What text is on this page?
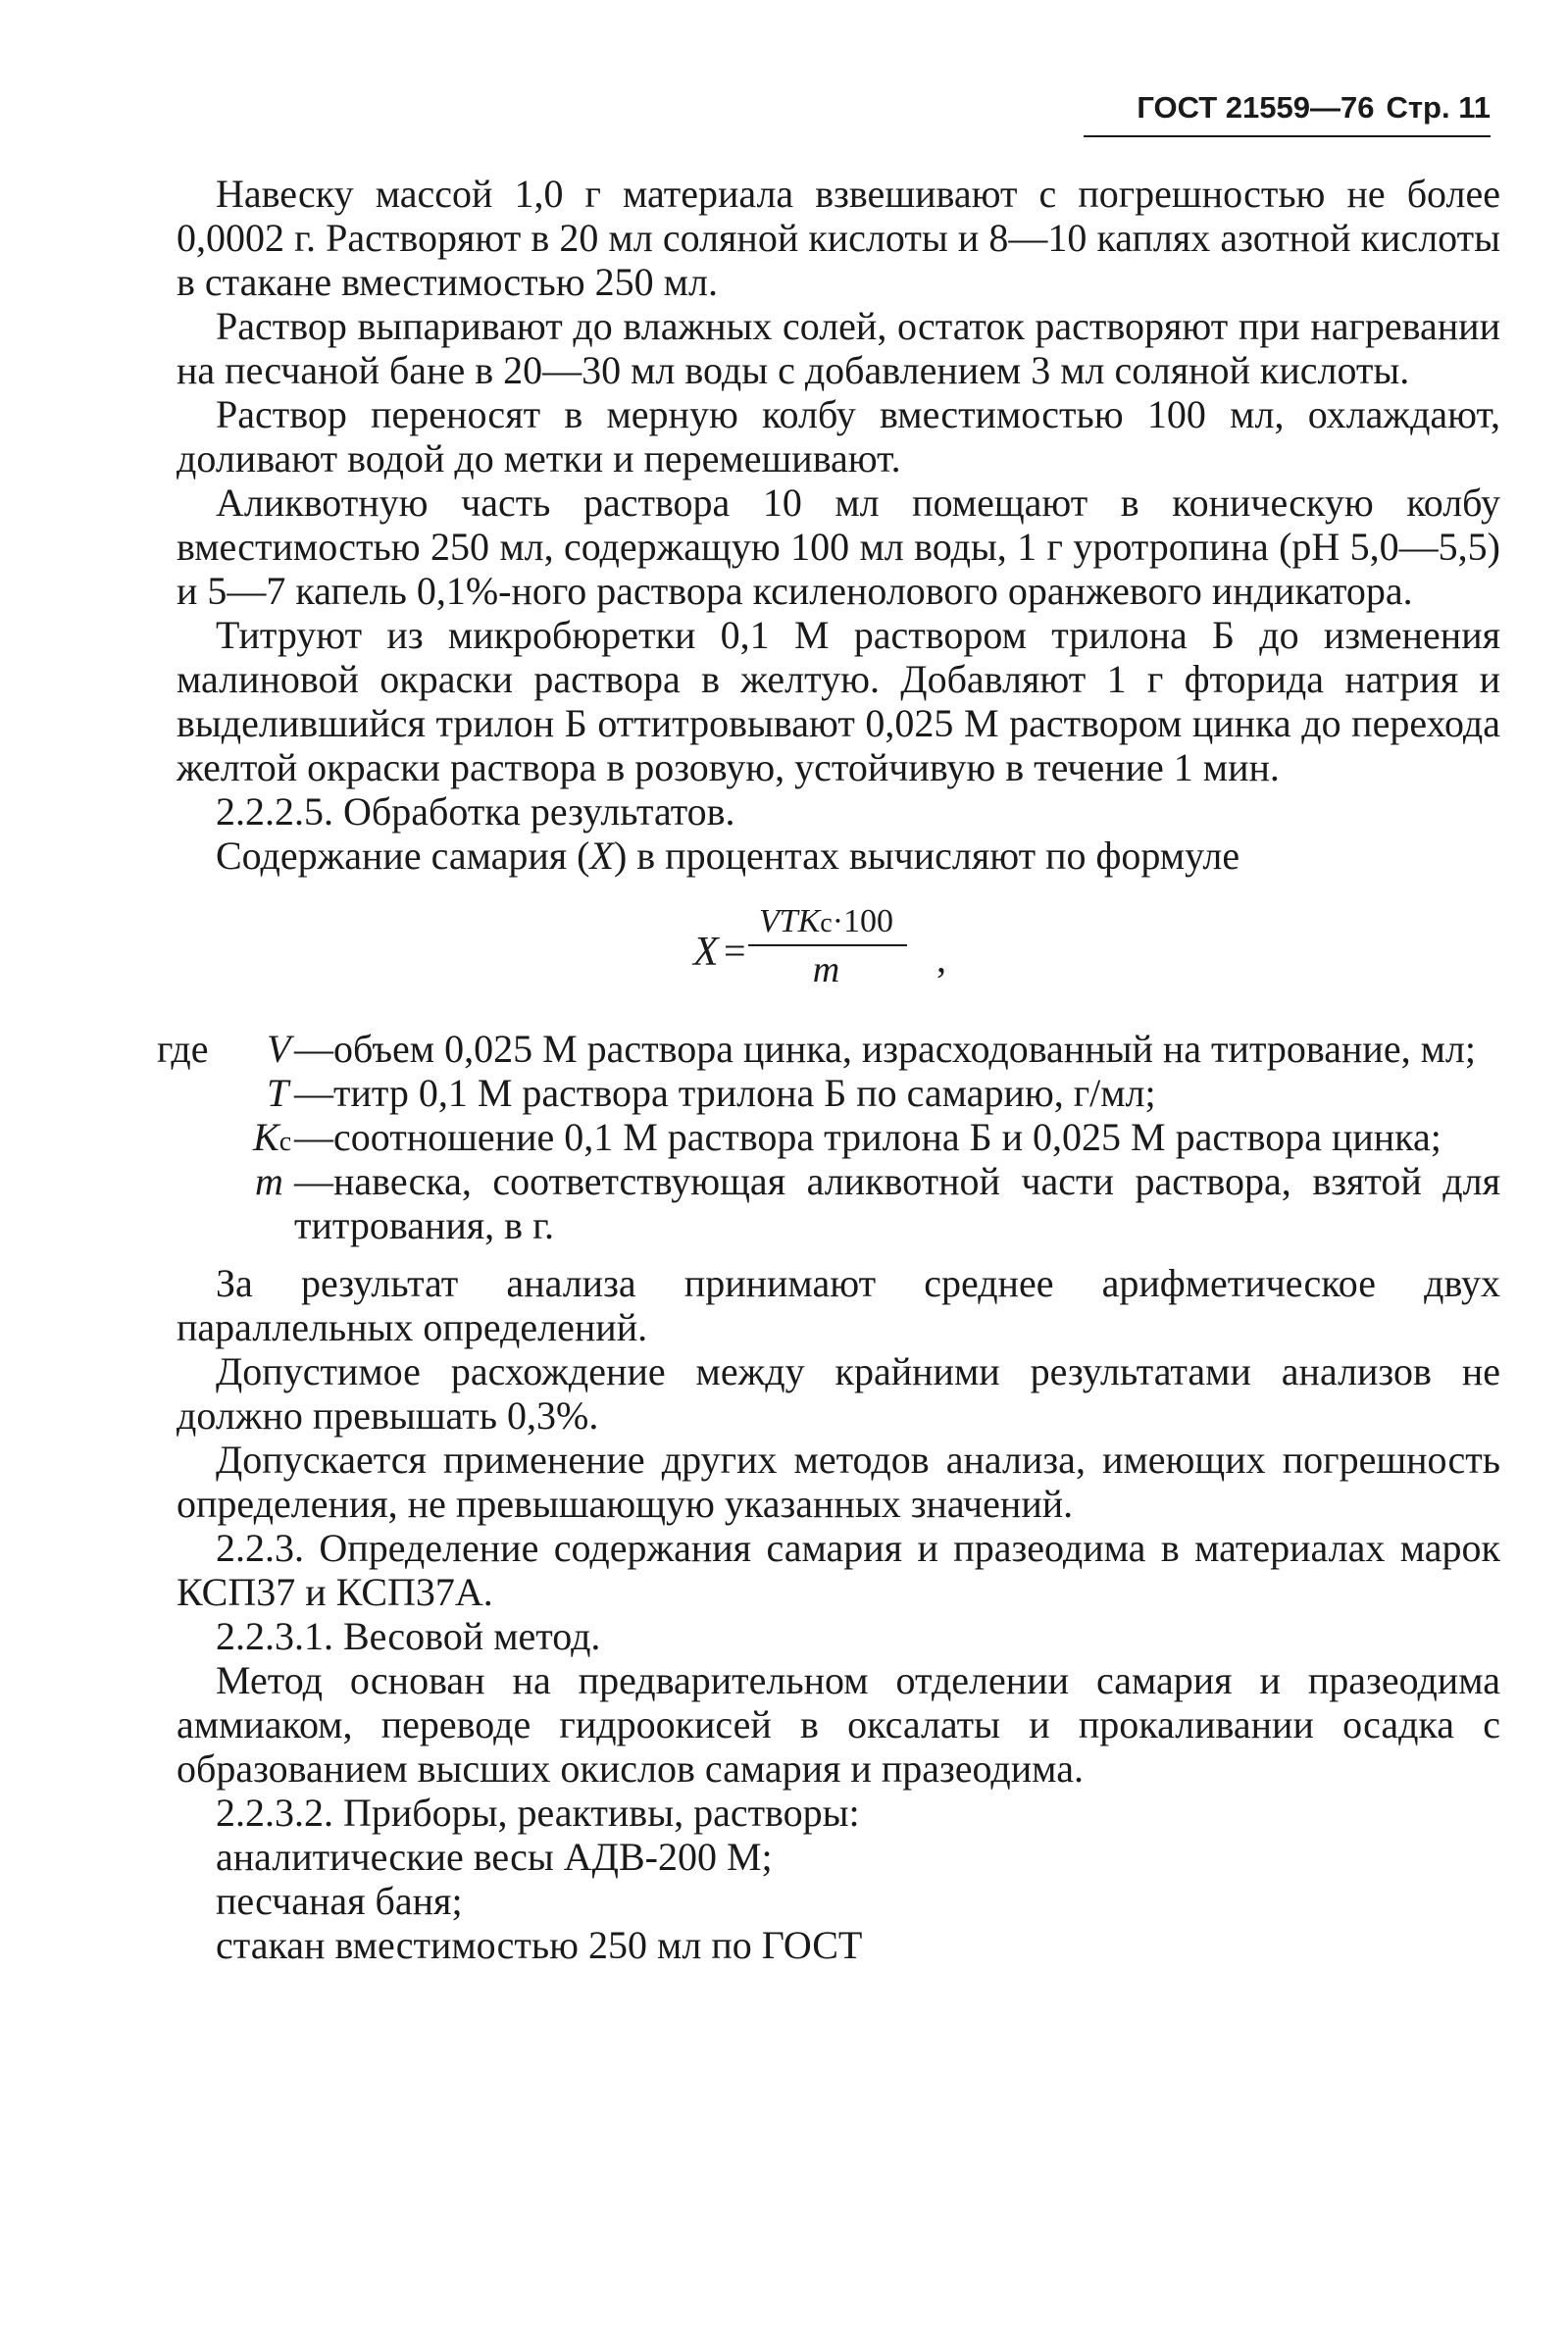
ГОСТ 21559—76 Стр. 11

Навеску массой 1,0 г материала взвешивают с погрешностью не более 0,0002 г. Растворяют в 20 мл соляной кислоты и 8—10 каплях азотной кислоты в стакане вместимостью 250 мл.

Раствор выпаривают до влажных солей, остаток растворяют при нагревании на песчаной бане в 20—30 мл воды с добавлением 3 мл соляной кислоты.

Раствор переносят в мерную колбу вместимостью 100 мл, охлаждают, доливают водой до метки и перемешивают.

Аликвотную часть раствора 10 мл помещают в коническую колбу вместимостью 250 мл, содержащую 100 мл воды, 1 г уротропина (рН 5,0—5,5) и 5—7 капель 0,1%-ного раствора ксиленолового оранжевого индикатора.

Титруют из микробюретки 0,1 М раствором трилона Б до изменения малиновой окраски раствора в желтую. Добавляют 1 г фторида натрия и выделившийся трилон Б оттитровывают 0,025 М раствором цинка до перехода желтой окраски раствора в розовую, устойчивую в течение 1 мин.

2.2.2.5. Обработка результатов.

Содержание самария (X) в процентах вычисляют по формуле

X =
VTKc·100
m	,
где V —объем 0,025 М раствора цинка, израсходованный на титрование, мл;

T —титр 0,1 М раствора трилона Б по самарию, г/мл;

Kc —соотношение 0,1 М раствора трилона Б и 0,025 М раствора цинка;

m —навеска, соответствующая аликвотной части раствора, взятой для титрования, в г.

За результат анализа принимают среднее арифметическое двух параллельных определений.

Допустимое расхождение между крайними результатами анализов не должно превышать 0,3%.

Допускается применение других методов анализа, имеющих погрешность определения, не превышающую указанных значений.

2.2.3. Определение содержания самария и празеодима в материалах марок КСП37 и КСП37А.

2.2.3.1. Весовой метод.

Метод основан на предварительном отделении самария и празеодима аммиаком, переводе гидроокисей в оксалаты и прокаливании осадка с образованием высших окислов самария и празеодима.

2.2.3.2. Приборы, реактивы, растворы:

аналитические весы АДВ-200 М;

песчаная баня;

стакан вместимостью 250 мл по ГОСТ
